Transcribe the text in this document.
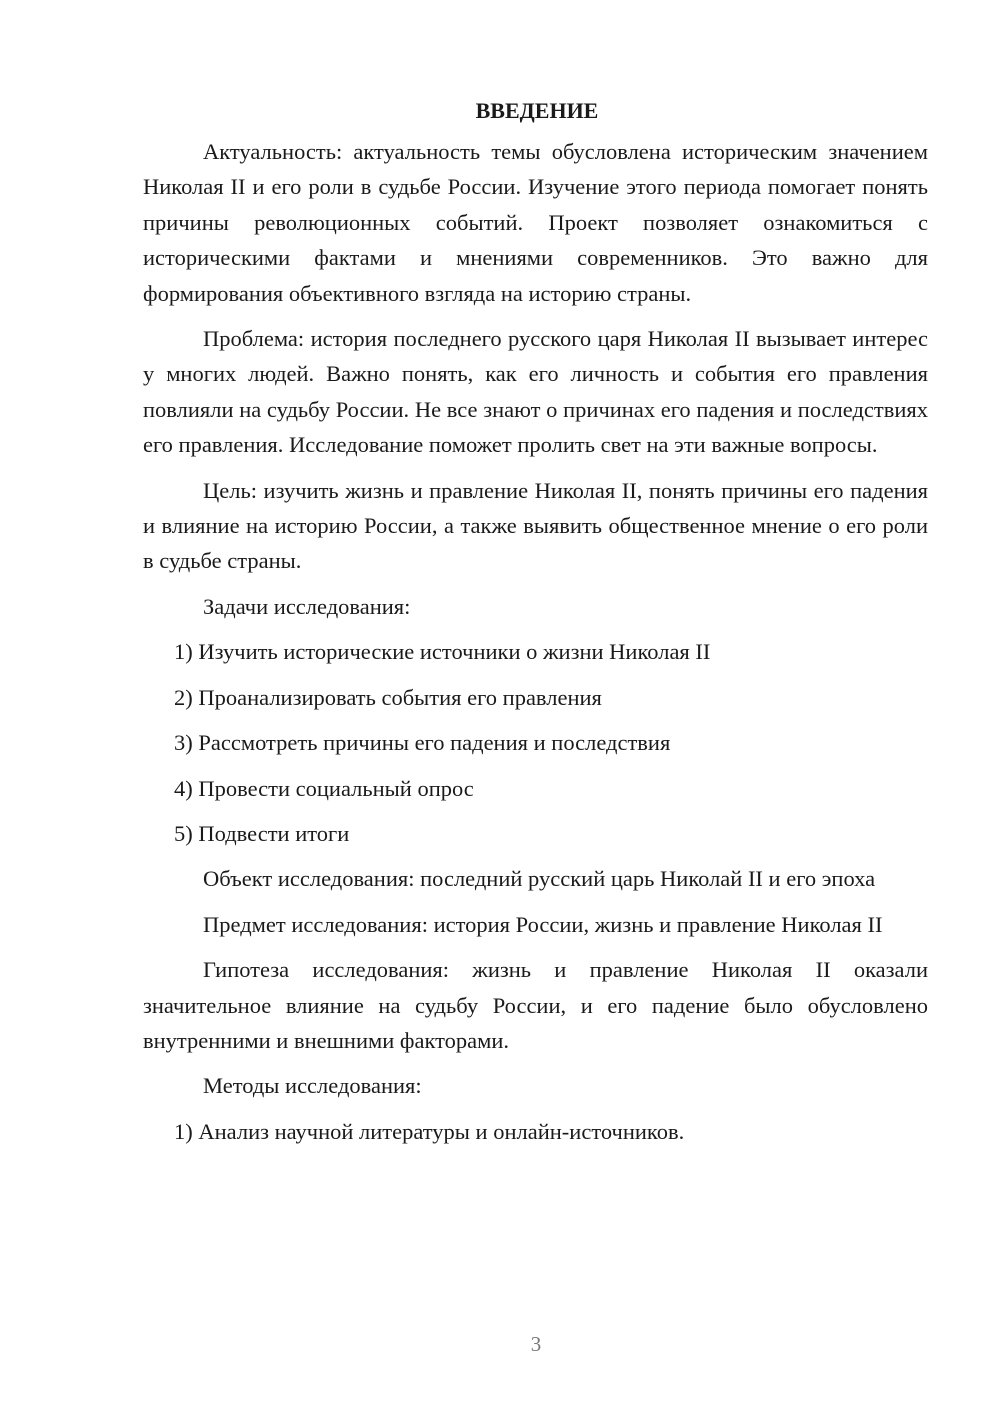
ВВЕДЕНИЕ

Актуальность: актуальность темы обусловлена историческим значением Николая II и его роли в судьбе России. Изучение этого периода помогает понять причины революционных событий. Проект позволяет ознакомиться с историческими фактами и мнениями современников. Это важно для формирования объективного взгляда на историю страны.

Проблема: история последнего русского царя Николая II вызывает интерес у многих людей. Важно понять, как его личность и события его правления повлияли на судьбу России. Не все знают о причинах его падения и последствиях его правления. Исследование поможет пролить свет на эти важные вопросы.

Цель: изучить жизнь и правление Николая II, понять причины его падения и влияние на историю России, а также выявить общественное мнение о его роли в судьбе страны.

Задачи исследования:

1) Изучить исторические источники о жизни Николая II
2) Проанализировать события его правления
3) Рассмотреть причины его падения и последствия
4) Провести социальный опрос
5) Подвести итоги

Объект исследования: последний русский царь Николай II и его эпоха

Предмет исследования: история России, жизнь и правление Николая II

Гипотеза исследования: жизнь и правление Николая II оказали значительное влияние на судьбу России, и его падение было обусловлено внутренними и внешними факторами.

Методы исследования:

1) Анализ научной литературы и онлайн-источников.
3
